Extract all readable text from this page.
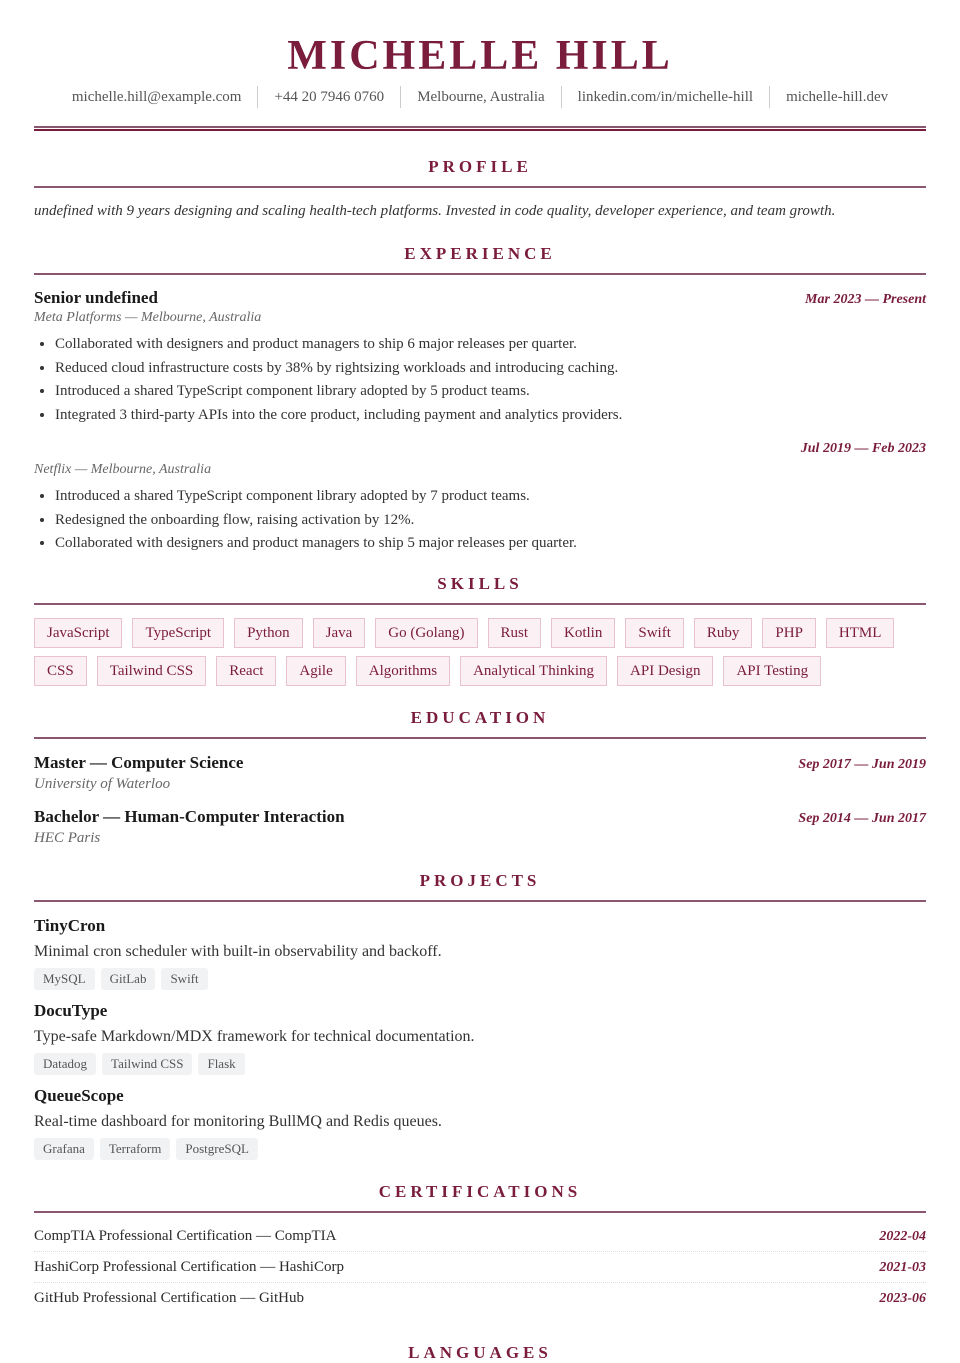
MICHELLE HILL
michelle.hill@example.com	+44 20 7946 0760	Melbourne, Australia	linkedin.com/in/michelle-hill	michelle-hill.dev
PROFILE
undefined with 9 years designing and scaling health-tech platforms. Invested in code quality, developer experience, and team growth.
EXPERIENCE
Senior undefined	Mar 2023 — Present
Meta Platforms — Melbourne, Australia
• Collaborated with designers and product managers to ship 6 major releases per quarter.
• Reduced cloud infrastructure costs by 38% by rightsizing workloads and introducing caching.
• Introduced a shared TypeScript component library adopted by 5 product teams.
• Integrated 3 third-party APIs into the core product, including payment and analytics providers.
Jul 2019 — Feb 2023
Netflix — Melbourne, Australia
• Introduced a shared TypeScript component library adopted by 7 product teams.
• Redesigned the onboarding flow, raising activation by 12%.
• Collaborated with designers and product managers to ship 5 major releases per quarter.
SKILLS
JavaScript	TypeScript	Python	Java	Go (Golang)	Rust	Kotlin	Swift	Ruby	PHP	HTML
CSS	Tailwind CSS	React	Agile	Algorithms	Analytical Thinking	API Design	API Testing
EDUCATION
Master — Computer Science	Sep 2017 — Jun 2019
University of Waterloo
Bachelor — Human-Computer Interaction	Sep 2014 — Jun 2017
HEC Paris
PROJECTS
TinyCron
Minimal cron scheduler with built-in observability and backoff.
MySQL	GitLab	Swift
DocuType
Type-safe Markdown/MDX framework for technical documentation.
Datadog	Tailwind CSS	Flask
QueueScope
Real-time dashboard for monitoring BullMQ and Redis queues.
Grafana	Terraform	PostgreSQL
CERTIFICATIONS
CompTIA Professional Certification — CompTIA	2022-04
HashiCorp Professional Certification — HashiCorp	2021-03
GitHub Professional Certification — GitHub	2023-06
LANGUAGES
